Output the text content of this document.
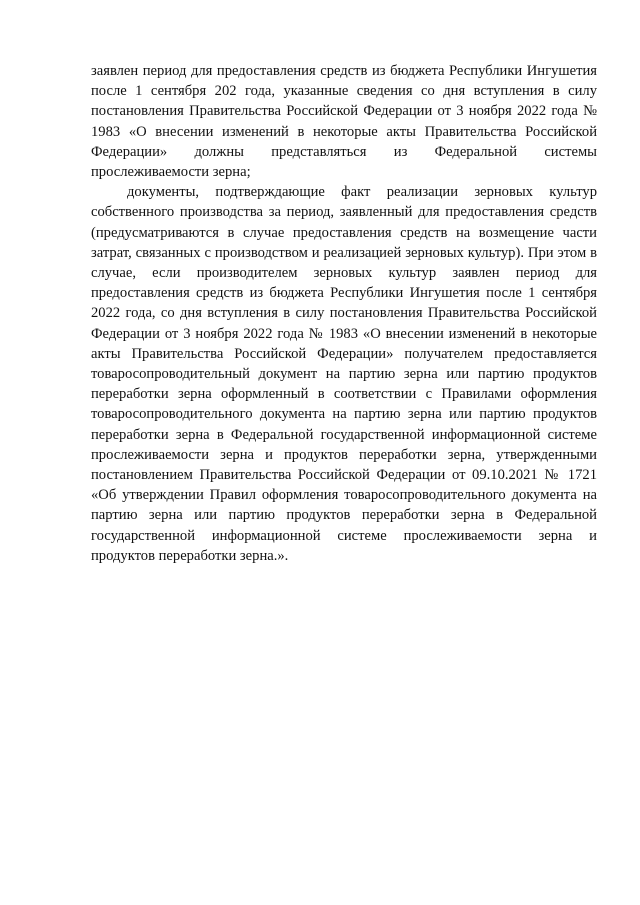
заявлен период для предоставления средств из бюджета Республики Ингушетия после 1 сентября 202 года, указанные сведения со дня вступления в силу постановления Правительства Российской Федерации от 3 ноября 2022 года № 1983 «О внесении изменений в некоторые акты Правительства Российской Федерации» должны представляться из Федеральной системы прослеживаемости зерна;

документы, подтверждающие факт реализации зерновых культур собственного производства за период, заявленный для предоставления средств (предусматриваются в случае предоставления средств на возмещение части затрат, связанных с производством и реализацией зерновых культур). При этом в случае, если производителем зерновых культур заявлен период для предоставления средств из бюджета Республики Ингушетия после 1 сентября 2022 года, со дня вступления в силу постановления Правительства Российской Федерации от 3 ноября 2022 года № 1983 «О внесении изменений в некоторые акты Правительства Российской Федерации» получателем предоставляется товаросопроводительный документ на партию зерна или партию продуктов переработки зерна оформленный в соответствии с Правилами оформления товаросопроводительного документа на партию зерна или партию продуктов переработки зерна в Федеральной государственной информационной системе прослеживаемости зерна и продуктов переработки зерна, утвержденными постановлением Правительства Российской Федерации от 09.10.2021 № 1721 «Об утверждении Правил оформления товаросопроводительного документа на партию зерна или партию продуктов переработки зерна в Федеральной государственной информационной системе прослеживаемости зерна и продуктов переработки зерна.».
